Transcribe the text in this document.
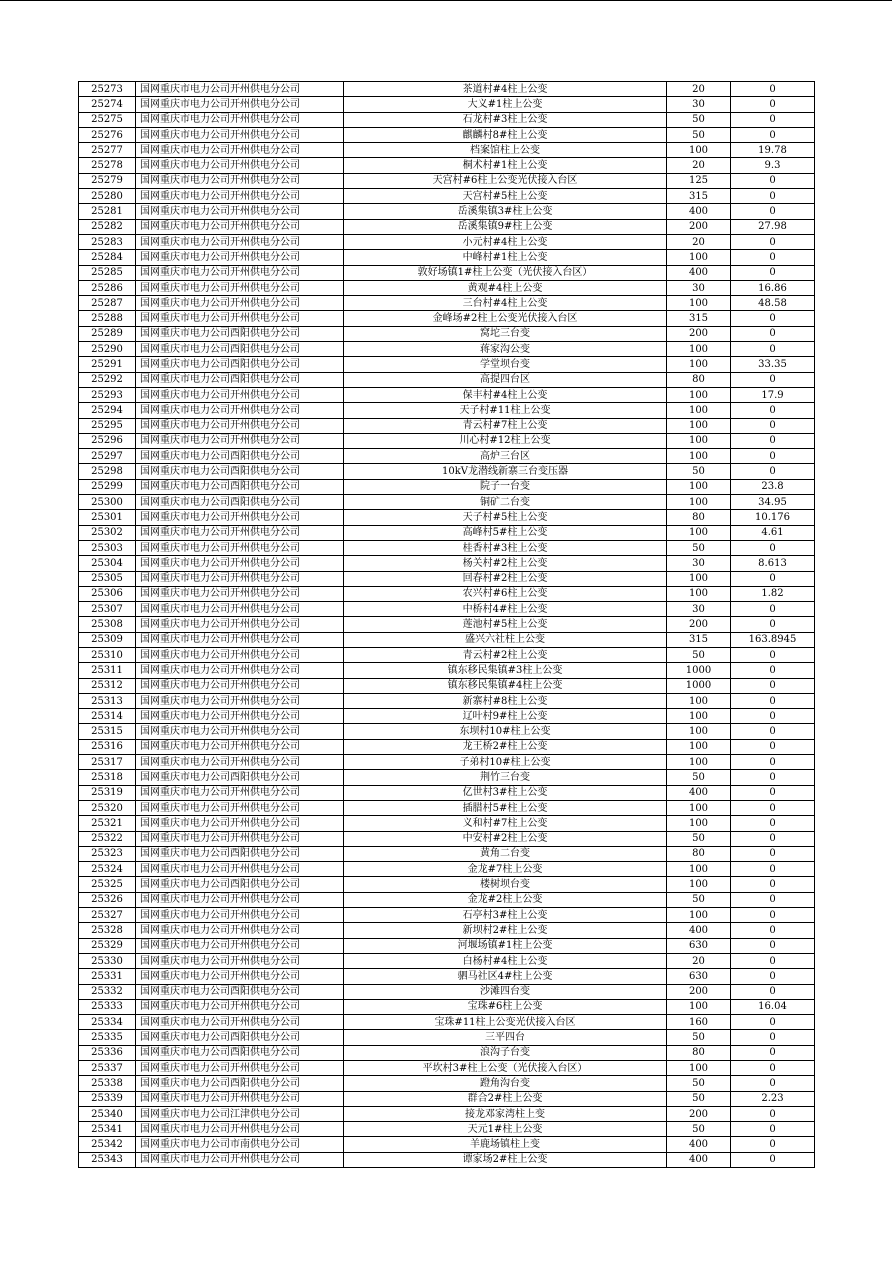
25273	国网重庆市电力公司开州供电分公司	茶道村#4柱上公变	20	0
25274	国网重庆市电力公司开州供电分公司	大义#1柱上公变	30	0
25275	国网重庆市电力公司开州供电分公司	石龙村#3柱上公变	50	0
25276	国网重庆市电力公司开州供电分公司	麒麟村8#柱上公变	50	0
25277	国网重庆市电力公司开州供电分公司	档案馆柱上公变	100	19.78
25278	国网重庆市电力公司开州供电分公司	桐术村#1柱上公变	20	9.3
25279	国网重庆市电力公司开州供电分公司	天宫村#6柱上公变光伏接入台区	125	0
25280	国网重庆市电力公司开州供电分公司	天宫村#5柱上公变	315	0
25281	国网重庆市电力公司开州供电分公司	岳溪集镇3#柱上公变	400	0
25282	国网重庆市电力公司开州供电分公司	岳溪集镇9#柱上公变	200	27.98
25283	国网重庆市电力公司开州供电分公司	小元村#4柱上公变	20	0
25284	国网重庆市电力公司开州供电分公司	中峰村#1柱上公变	100	0
25285	国网重庆市电力公司开州供电分公司	敦好场镇1#柱上公变（光伏接入台区）	400	0
25286	国网重庆市电力公司开州供电分公司	黄观#4柱上公变	30	16.86
25287	国网重庆市电力公司开州供电分公司	三台村#4柱上公变	100	48.58
25288	国网重庆市电力公司开州供电分公司	金峰场#2柱上公变光伏接入台区	315	0
25289	国网重庆市电力公司酉阳供电分公司	窝坨三台变	200	0
25290	国网重庆市电力公司酉阳供电分公司	蒋家沟公变	100	0
25291	国网重庆市电力公司酉阳供电分公司	学堂坝台变	100	33.35
25292	国网重庆市电力公司酉阳供电分公司	高提四台区	80	0
25293	国网重庆市电力公司开州供电分公司	保丰村#4柱上公变	100	17.9
25294	国网重庆市电力公司开州供电分公司	天子村#11柱上公变	100	0
25295	国网重庆市电力公司开州供电分公司	青云村#7柱上公变	100	0
25296	国网重庆市电力公司开州供电分公司	川心村#12柱上公变	100	0
25297	国网重庆市电力公司酉阳供电分公司	高炉三台区	100	0
25298	国网重庆市电力公司酉阳供电分公司	10kV龙潜线新寨三台变压器	50	0
25299	国网重庆市电力公司酉阳供电分公司	院子一台变	100	23.8
25300	国网重庆市电力公司酉阳供电分公司	铜矿二台变	100	34.95
25301	国网重庆市电力公司开州供电分公司	天子村#5柱上公变	80	10.176
25302	国网重庆市电力公司开州供电分公司	高峰村5#柱上公变	100	4.61
25303	国网重庆市电力公司开州供电分公司	桂香村#3柱上公变	50	0
25304	国网重庆市电力公司开州供电分公司	杨关村#2柱上公变	30	8.613
25305	国网重庆市电力公司开州供电分公司	回春村#2柱上公变	100	0
25306	国网重庆市电力公司开州供电分公司	农兴村#6柱上公变	100	1.82
25307	国网重庆市电力公司开州供电分公司	中桥村4#柱上公变	30	0
25308	国网重庆市电力公司开州供电分公司	莲池村#5柱上公变	200	0
25309	国网重庆市电力公司开州供电分公司	盛兴六社柱上公变	315	163.8945
25310	国网重庆市电力公司开州供电分公司	青云村#2柱上公变	50	0
25311	国网重庆市电力公司开州供电分公司	镇东移民集镇#3柱上公变	1000	0
25312	国网重庆市电力公司开州供电分公司	镇东移民集镇#4柱上公变	1000	0
25313	国网重庆市电力公司开州供电分公司	新寨村#8柱上公变	100	0
25314	国网重庆市电力公司开州供电分公司	辽叶村9#柱上公变	100	0
25315	国网重庆市电力公司开州供电分公司	东坝村10#柱上公变	100	0
25316	国网重庆市电力公司开州供电分公司	龙王桥2#柱上公变	100	0
25317	国网重庆市电力公司开州供电分公司	子弟村10#柱上公变	100	0
25318	国网重庆市电力公司酉阳供电分公司	荆竹三台变	50	0
25319	国网重庆市电力公司开州供电分公司	亿世村3#柱上公变	400	0
25320	国网重庆市电力公司开州供电分公司	插腊村5#柱上公变	100	0
25321	国网重庆市电力公司开州供电分公司	义和村#7柱上公变	100	0
25322	国网重庆市电力公司开州供电分公司	中安村#2柱上公变	50	0
25323	国网重庆市电力公司酉阳供电分公司	黄角二台变	80	0
25324	国网重庆市电力公司开州供电分公司	金龙#7柱上公变	100	0
25325	国网重庆市电力公司酉阳供电分公司	楼树坝台变	100	0
25326	国网重庆市电力公司开州供电分公司	金龙#2柱上公变	50	0
25327	国网重庆市电力公司开州供电分公司	石亭村3#柱上公变	100	0
25328	国网重庆市电力公司开州供电分公司	新坝村2#柱上公变	400	0
25329	国网重庆市电力公司开州供电分公司	河堰场镇#1柱上公变	630	0
25330	国网重庆市电力公司开州供电分公司	白杨村#4柱上公变	20	0
25331	国网重庆市电力公司开州供电分公司	驷马社区4#柱上公变	630	0
25332	国网重庆市电力公司酉阳供电分公司	沙滩四台变	200	0
25333	国网重庆市电力公司开州供电分公司	宝珠#6柱上公变	100	16.04
25334	国网重庆市电力公司开州供电分公司	宝珠#11柱上公变光伏接入台区	160	0
25335	国网重庆市电力公司酉阳供电分公司	三平四台	50	0
25336	国网重庆市电力公司酉阳供电分公司	浪沟子台变	80	0
25337	国网重庆市电力公司开州供电分公司	平坎村3#柱上公变（光伏接入台区）	100	0
25338	国网重庆市电力公司酉阳供电分公司	蹬角沟台变	50	0
25339	国网重庆市电力公司开州供电分公司	群合2#柱上公变	50	2.23
25340	国网重庆市电力公司江津供电分公司	接龙邓家湾柱上变	200	0
25341	国网重庆市电力公司开州供电分公司	天元1#柱上公变	50	0
25342	国网重庆市电力公司市南供电分公司	羊鹿场镇柱上变	400	0
25343	国网重庆市电力公司开州供电分公司	谭家场2#柱上公变	400	0
